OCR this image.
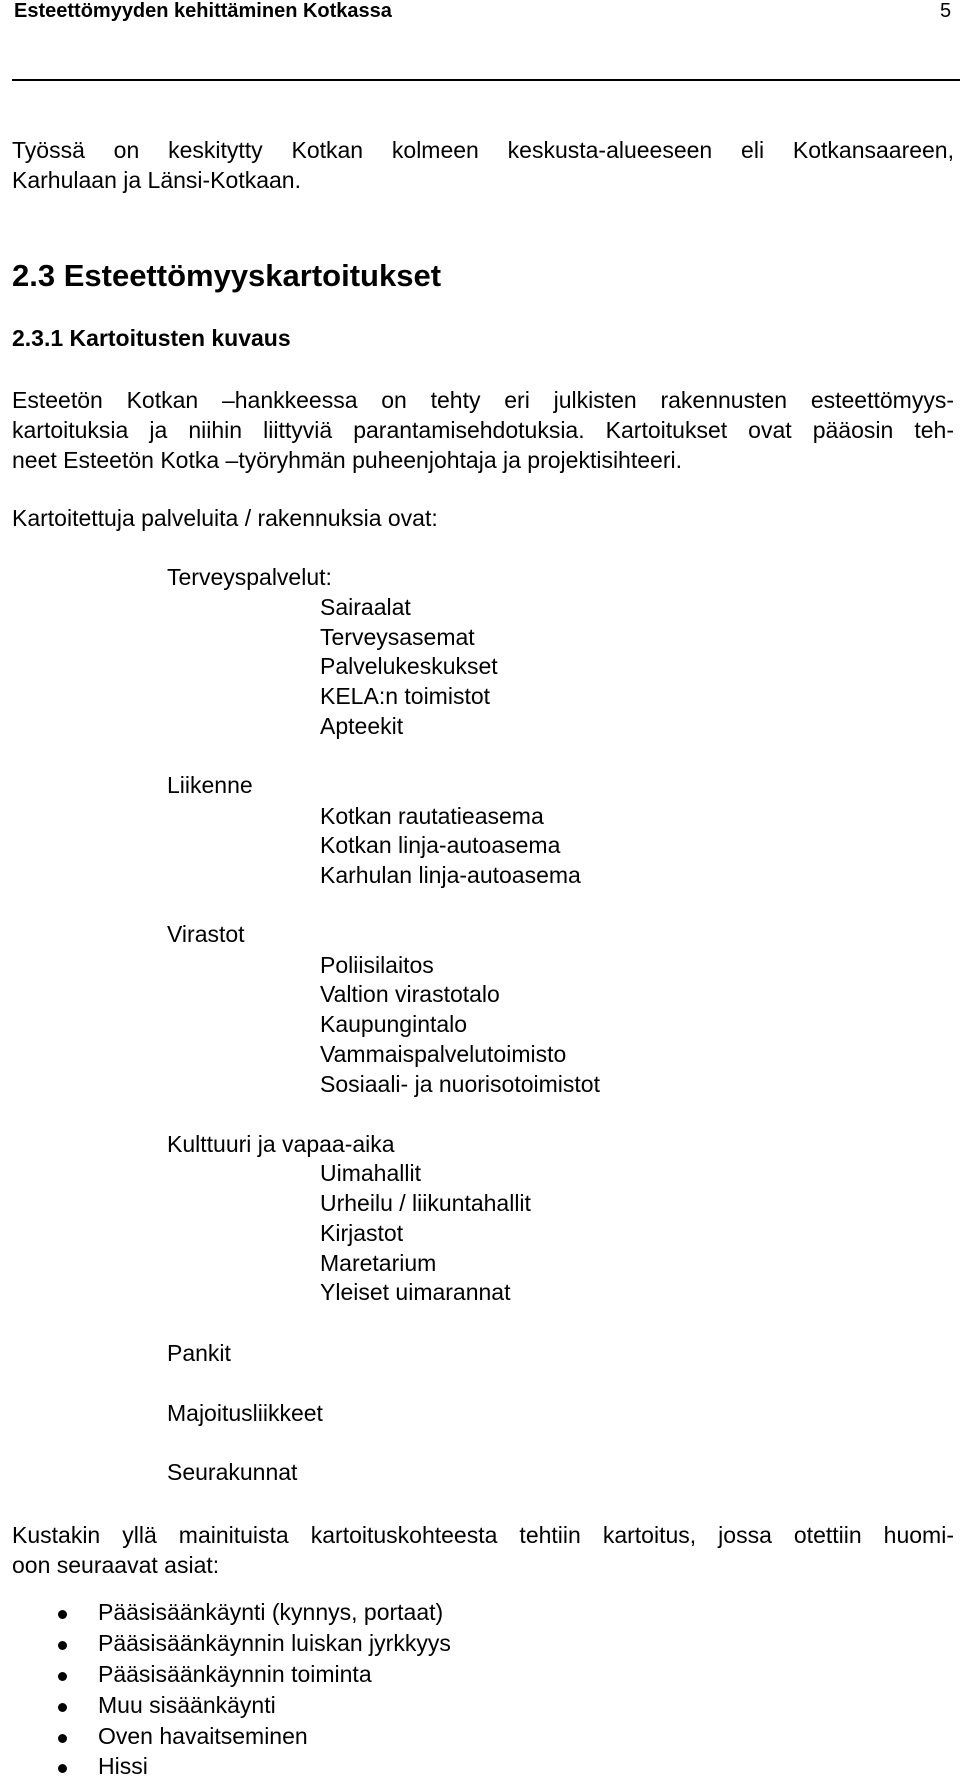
Esteettömyyden kehittäminen Kotkassa	5
Työssä on keskitytty Kotkan kolmeen keskusta-alueeseen eli Kotkansaareen,
Karhulaan ja Länsi-Kotkaan.
2.3 Esteettömyyskartoitukset
2.3.1 Kartoitusten kuvaus
Esteetön Kotkan –hankkeessa on tehty eri julkisten rakennusten esteettömyys-
kartoituksia ja niihin liittyviä parantamisehdotuksia. Kartoitukset ovat pääosin teh-
neet Esteetön Kotka –työryhmän puheenjohtaja ja projektisihteeri.
Kartoitettuja palveluita / rakennuksia ovat:
Terveyspalvelut:
Sairaalat
Terveysasemat
Palvelukeskukset
KELA:n toimistot
Apteekit
Liikenne
Kotkan rautatieasema
Kotkan linja-autoasema
Karhulan linja-autoasema
Virastot
Poliisilaitos
Valtion virastotalo
Kaupungintalo
Vammaispalvelutoimisto
Sosiaali- ja nuorisotoimistot
Kulttuuri ja vapaa-aika
Uimahallit
Urheilu / liikuntahallit
Kirjastot
Maretarium
Yleiset uimarannat
Pankit
Majoitusliikkeet
Seurakunnat
Kustakin yllä mainituista kartoituskohteesta tehtiin kartoitus, jossa otettiin huomi-
oon seuraavat asiat:
Pääsisäänkäynti (kynnys, portaat)
Pääsisäänkäynnin luiskan jyrkkyys
Pääsisäänkäynnin toiminta
Muu sisäänkäynti
Oven havaitseminen
Hissi
